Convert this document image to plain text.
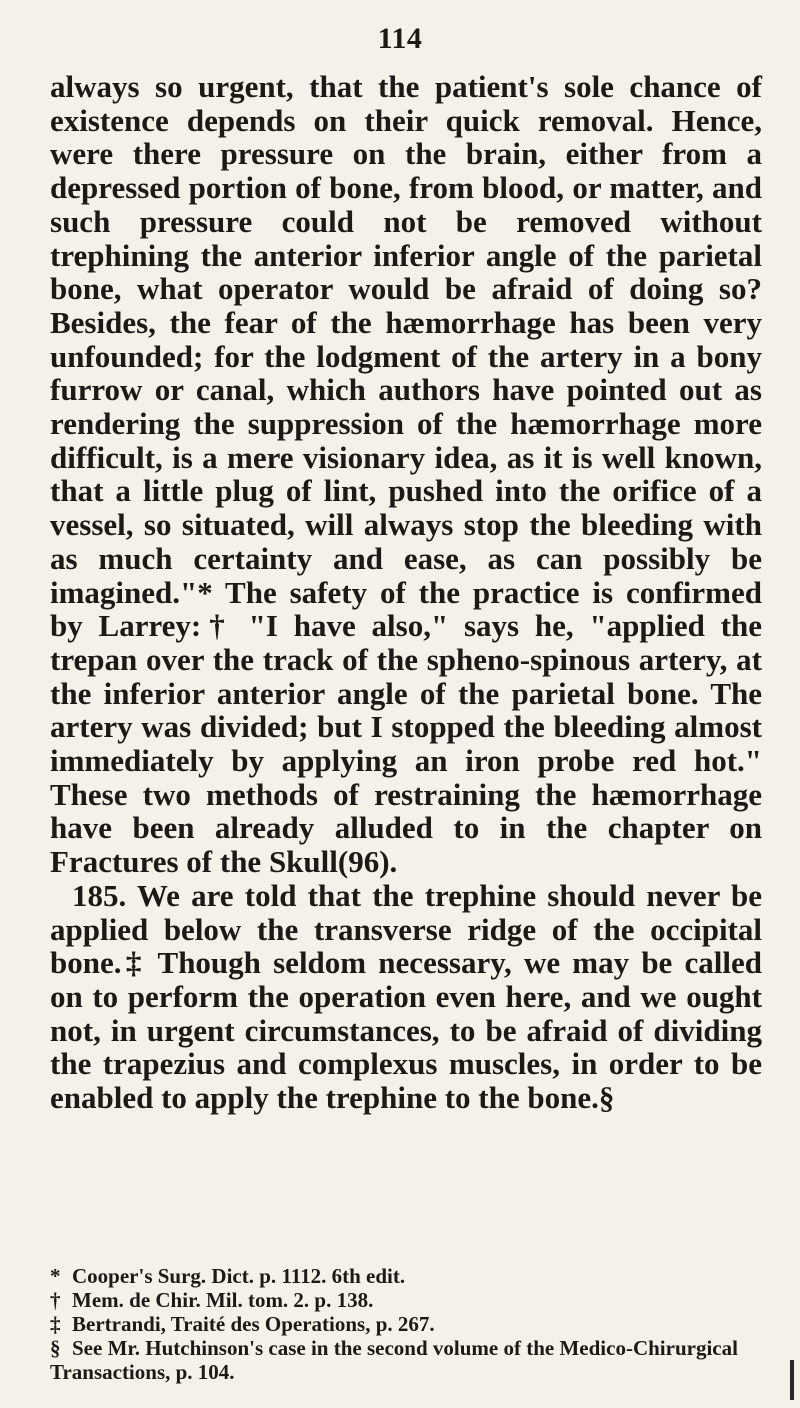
114

always so urgent, that the patient's sole chance of existence depends on their quick removal. Hence, were there pressure on the brain, either from a depressed portion of bone, from blood, or matter, and such pressure could not be removed without trephining the anterior inferior angle of the parietal bone, what operator would be afraid of doing so? Besides, the fear of the hæmorrhage has been very unfounded; for the lodgment of the artery in a bony furrow or canal, which authors have pointed out as rendering the suppression of the hæmorrhage more difficult, is a mere visionary idea, as it is well known, that a little plug of lint, pushed into the orifice of a vessel, so situated, will always stop the bleeding with as much certainty and ease, as can possibly be imagined."* The safety of the practice is confirmed by Larrey:† "I have also," says he, "applied the trepan over the track of the spheno-spinous artery, at the inferior anterior angle of the parietal bone. The artery was divided; but I stopped the bleeding almost immediately by applying an iron probe red hot." These two methods of restraining the hæmorrhage have been already alluded to in the chapter on Fractures of the Skull(96).

185. We are told that the trephine should never be applied below the transverse ridge of the occipital bone.‡ Though seldom necessary, we may be called on to perform the operation even here, and we ought not, in urgent circumstances, to be afraid of dividing the trapezius and complexus muscles, in order to be enabled to apply the trephine to the bone.§

* Cooper's Surg. Dict. p. 1112. 6th edit.

† Mem. de Chir. Mil. tom. 2. p. 138.

‡ Bertrandi, Traité des Operations, p. 267.

§ See Mr. Hutchinson's case in the second volume of the Medico-Chirurgical Transactions, p. 104.
